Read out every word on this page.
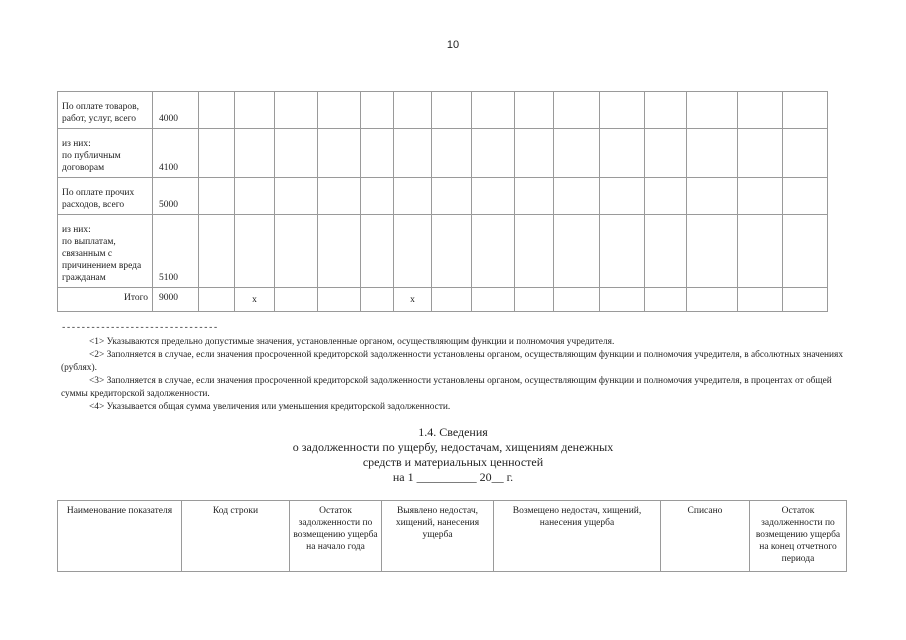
10
По оплате товаров, работ, услуг, всего	4000															
из них:
по публичным договорам	4100															
По оплате прочих расходов, всего	5000															
из них:
по выплатам, связанным с причинением вреда гражданам	5100															
Итого	9000		x				x									
--------------------------------

<1> Указываются предельно допустимые значения, установленные органом, осуществляющим функции и полномочия учредителя.

<2> Заполняется в случае, если значения просроченной кредиторской задолженности установлены органом, осуществляющим функции и полномочия учредителя, в абсолютных значениях (рублях).

<3> Заполняется в случае, если значения просроченной кредиторской задолженности установлены органом, осуществляющим функции и полномочия учредителя, в процентах от общей суммы кредиторской задолженности.

<4> Указывается общая сумма увеличения или уменьшения кредиторской задолженности.

1.4. Сведения
о задолженности по ущербу, недостачам, хищениям денежных
средств и материальных ценностей
на 1 __________ 20__ г.
Наименование показателя	Код строки	Остаток задолженности по возмещению ущерба на начало года	Выявлено недостач, хищений, нанесения ущерба	Возмещено недостач, хищений, нанесения ущерба	Списано	Остаток задолженности по возмещению ущерба на конец отчетного периода
